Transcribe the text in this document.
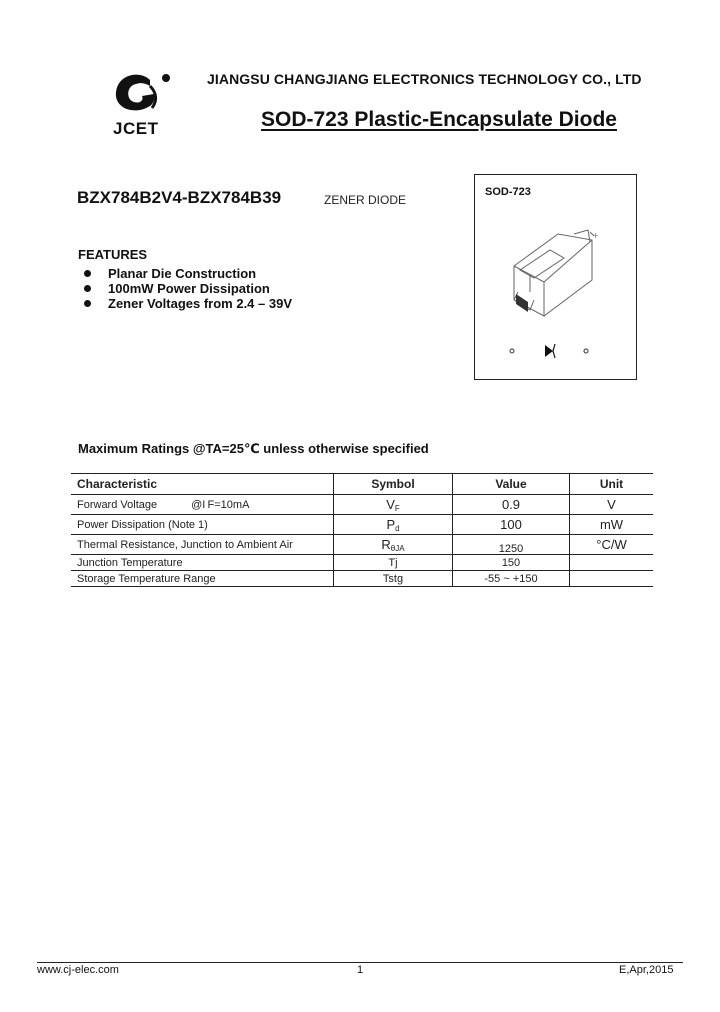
JCET
JIANGSU CHANGJIANG ELECTRONICS TECHNOLOGY CO., LTD
SOD-723 Plastic-Encapsulate Diode
BZX784B2V4-BZX784B39	ZENER DIODE
FEATURES
Planar Die Construction
100mW Power Dissipation
Zener Voltages from 2.4 – 39V
SOD-723
+
Maximum Ratings @TA=25℃ unless otherwise specified
Characteristic	Symbol	Value	Unit
Forward Voltage @I F=10mA	$V_F$	0.9	V
Power Dissipation (Note 1)	$P_d$	100	mW
Thermal Resistance, Junction to Ambient Air	$R_{\theta JA}$	1250	°C/W
Junction Temperature	Tj	150	
Storage Temperature Range	Tstg	-55 ~ +150	
www.cj-elec.com	1	E,Apr,2015
